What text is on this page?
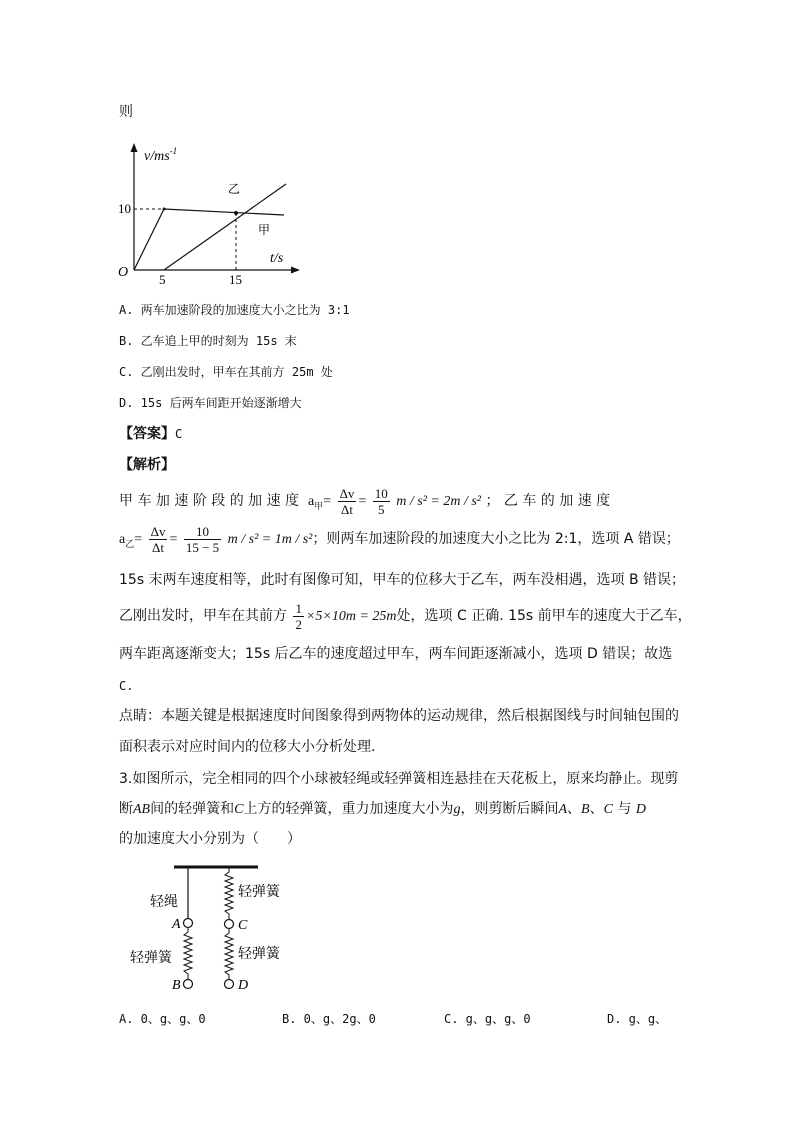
则
$v/ms^{-1}$
t/s
O
10
5	15
乙
甲
A. 两车加速阶段的加速度大小之比为 3:1
B. 乙车追上甲的时刻为 15s 末
C. 乙刚出发时，甲车在其前方 25m 处
D. 15s 后两车间距开始逐渐增大
【答案】C
【解析】
甲 车 加 速 阶 段 的 加 速 度 $a_甲= \frac{\Delta v}{\Delta t} = \frac{10}{5}$ m / s² = 2m / s² ； 乙 车 的 加 速 度
$a_乙= \frac{\Delta v}{\Delta t} = \frac{10}{15 - 5}$ m / s² = 1m / s²；则两车加速阶段的加速度大小之比为 2:1，选项 A 错误；
15s 末两车速度相等，此时有图像可知，甲车的位移大于乙车，两车没相遇，选项 B 错误；
乙刚出发时，甲车在其前方 $\frac{1}{2} \times 5\times 10m = 25m$处，选项 C 正确. 15s 前甲车的速度大于乙车，
两车距离逐渐变大；15s 后乙车的速度超过甲车，两车间距逐渐减小，选项 D 错误；故选
C.
点睛：本题关键是根据速度时间图象得到两物体的运动规律，然后根据图线与时间轴包围的
面积表示对应时间内的位移大小分析处理．
3.如图所示，完全相同的四个小球被轻绳或轻弹簧相连悬挂在天花板上，原来均静止。现剪
断AB间的轻弹簧和C上方的轻弹簧，重力加速度大小为g，则剪断后瞬间A、B、C 与 D
的加速度大小分别为（　　）
轻绳
轻弹簧
轻弹簧	轻弹簧
A
B
C
D
A. 0、g、g、0	B. 0、g、2g、0	C. g、g、g、0	D. g、g、
